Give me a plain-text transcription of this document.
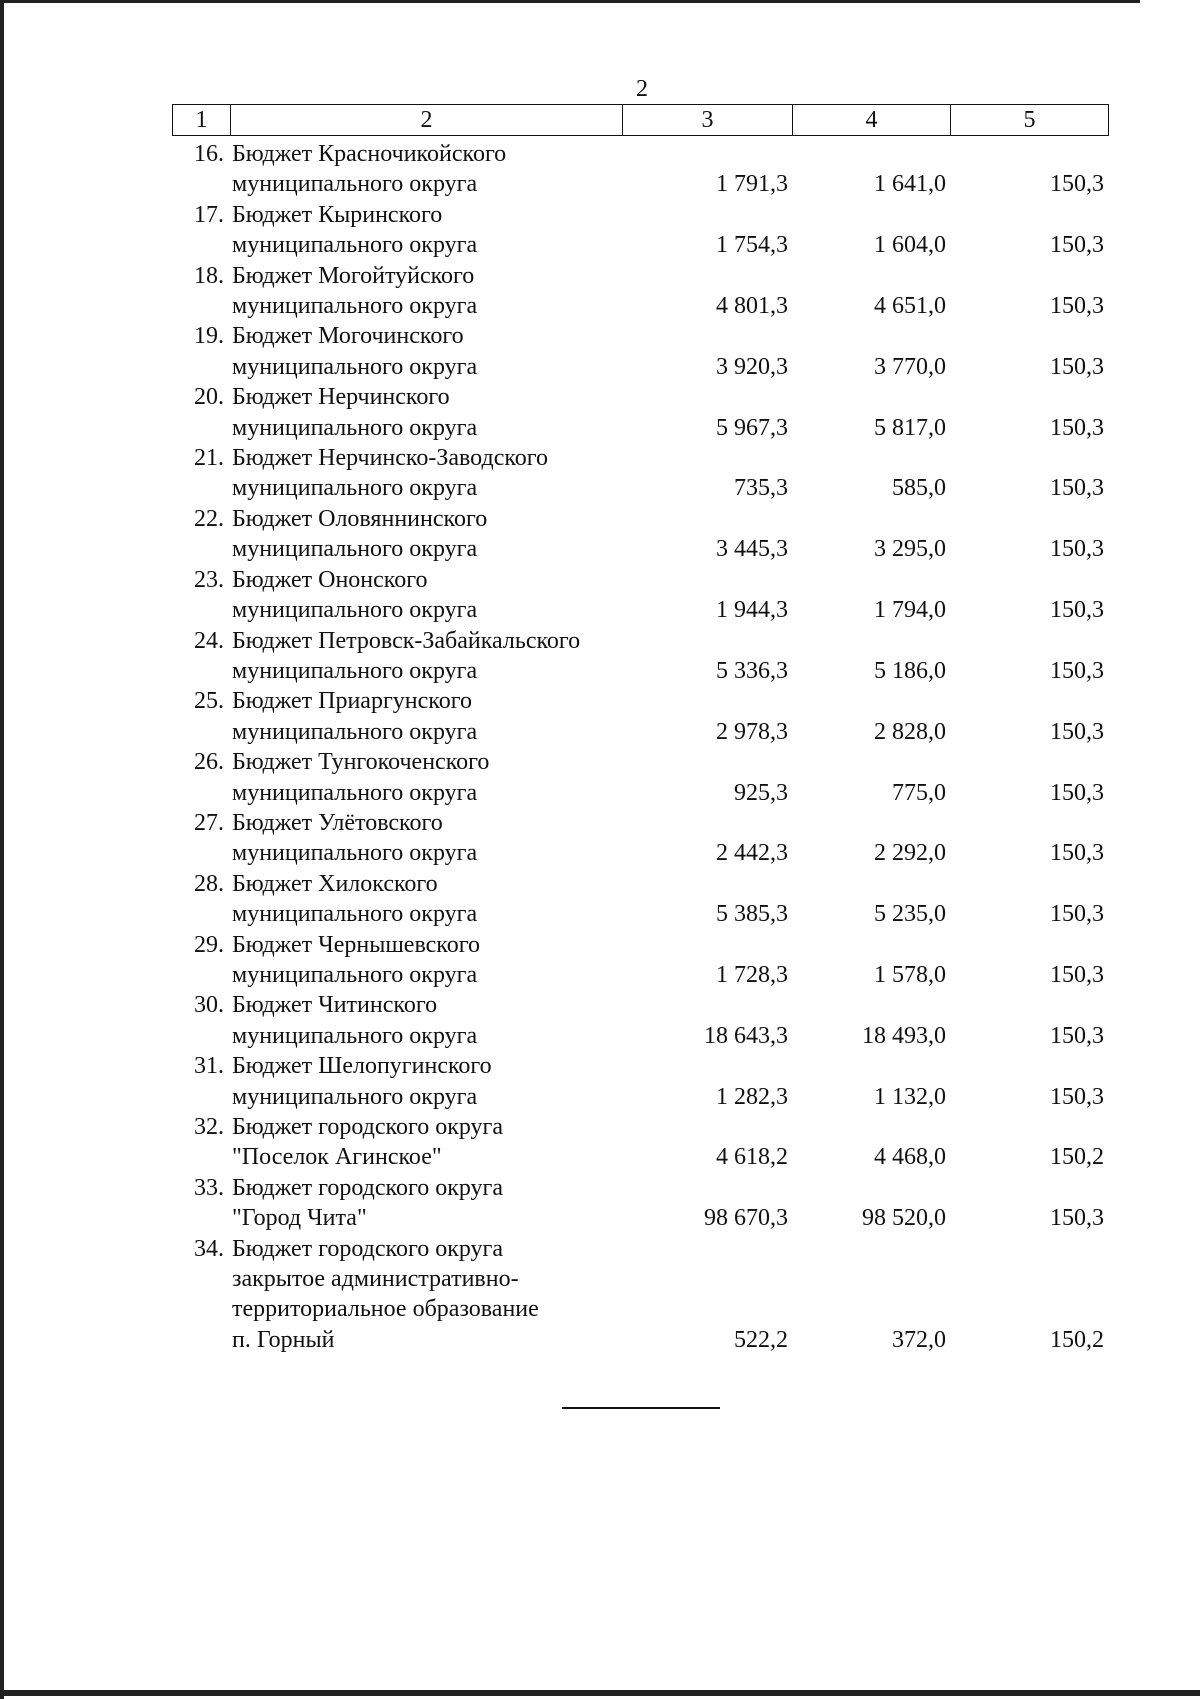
2
1	2	3	4	5
16.	Бюджет Красночикойского
муниципального округа	1 791,3	1 641,0	150,3
17.	Бюджет Кыринского
муниципального округа	1 754,3	1 604,0	150,3
18.	Бюджет Могойтуйского
муниципального округа	4 801,3	4 651,0	150,3
19.	Бюджет Могочинского
муниципального округа	3 920,3	3 770,0	150,3
20.	Бюджет Нерчинского
муниципального округа	5 967,3	5 817,0	150,3
21.	Бюджет Нерчинско-Заводского
муниципального округа	735,3	585,0	150,3
22.	Бюджет Оловяннинского
муниципального округа	3 445,3	3 295,0	150,3
23.	Бюджет Ононского
муниципального округа	1 944,3	1 794,0	150,3
24.	Бюджет Петровск-Забайкальского
муниципального округа	5 336,3	5 186,0	150,3
25.	Бюджет Приаргунского
муниципального округа	2 978,3	2 828,0	150,3
26.	Бюджет Тунгокоченского
муниципального округа	925,3	775,0	150,3
27.	Бюджет Улётовского
муниципального округа	2 442,3	2 292,0	150,3
28.	Бюджет Хилокского
муниципального округа	5 385,3	5 235,0	150,3
29.	Бюджет Чернышевского
муниципального округа	1 728,3	1 578,0	150,3
30.	Бюджет Читинского
муниципального округа	18 643,3	18 493,0	150,3
31.	Бюджет Шелопугинского
муниципального округа	1 282,3	1 132,0	150,3
32.	Бюджет городского округа
"Поселок Агинское"	4 618,2	4 468,0	150,2
33.	Бюджет городского округа
"Город Чита"	98 670,3	98 520,0	150,3
34.	Бюджет городского округа
закрытое административно-
территориальное образование
п. Горный	522,2	372,0	150,2
